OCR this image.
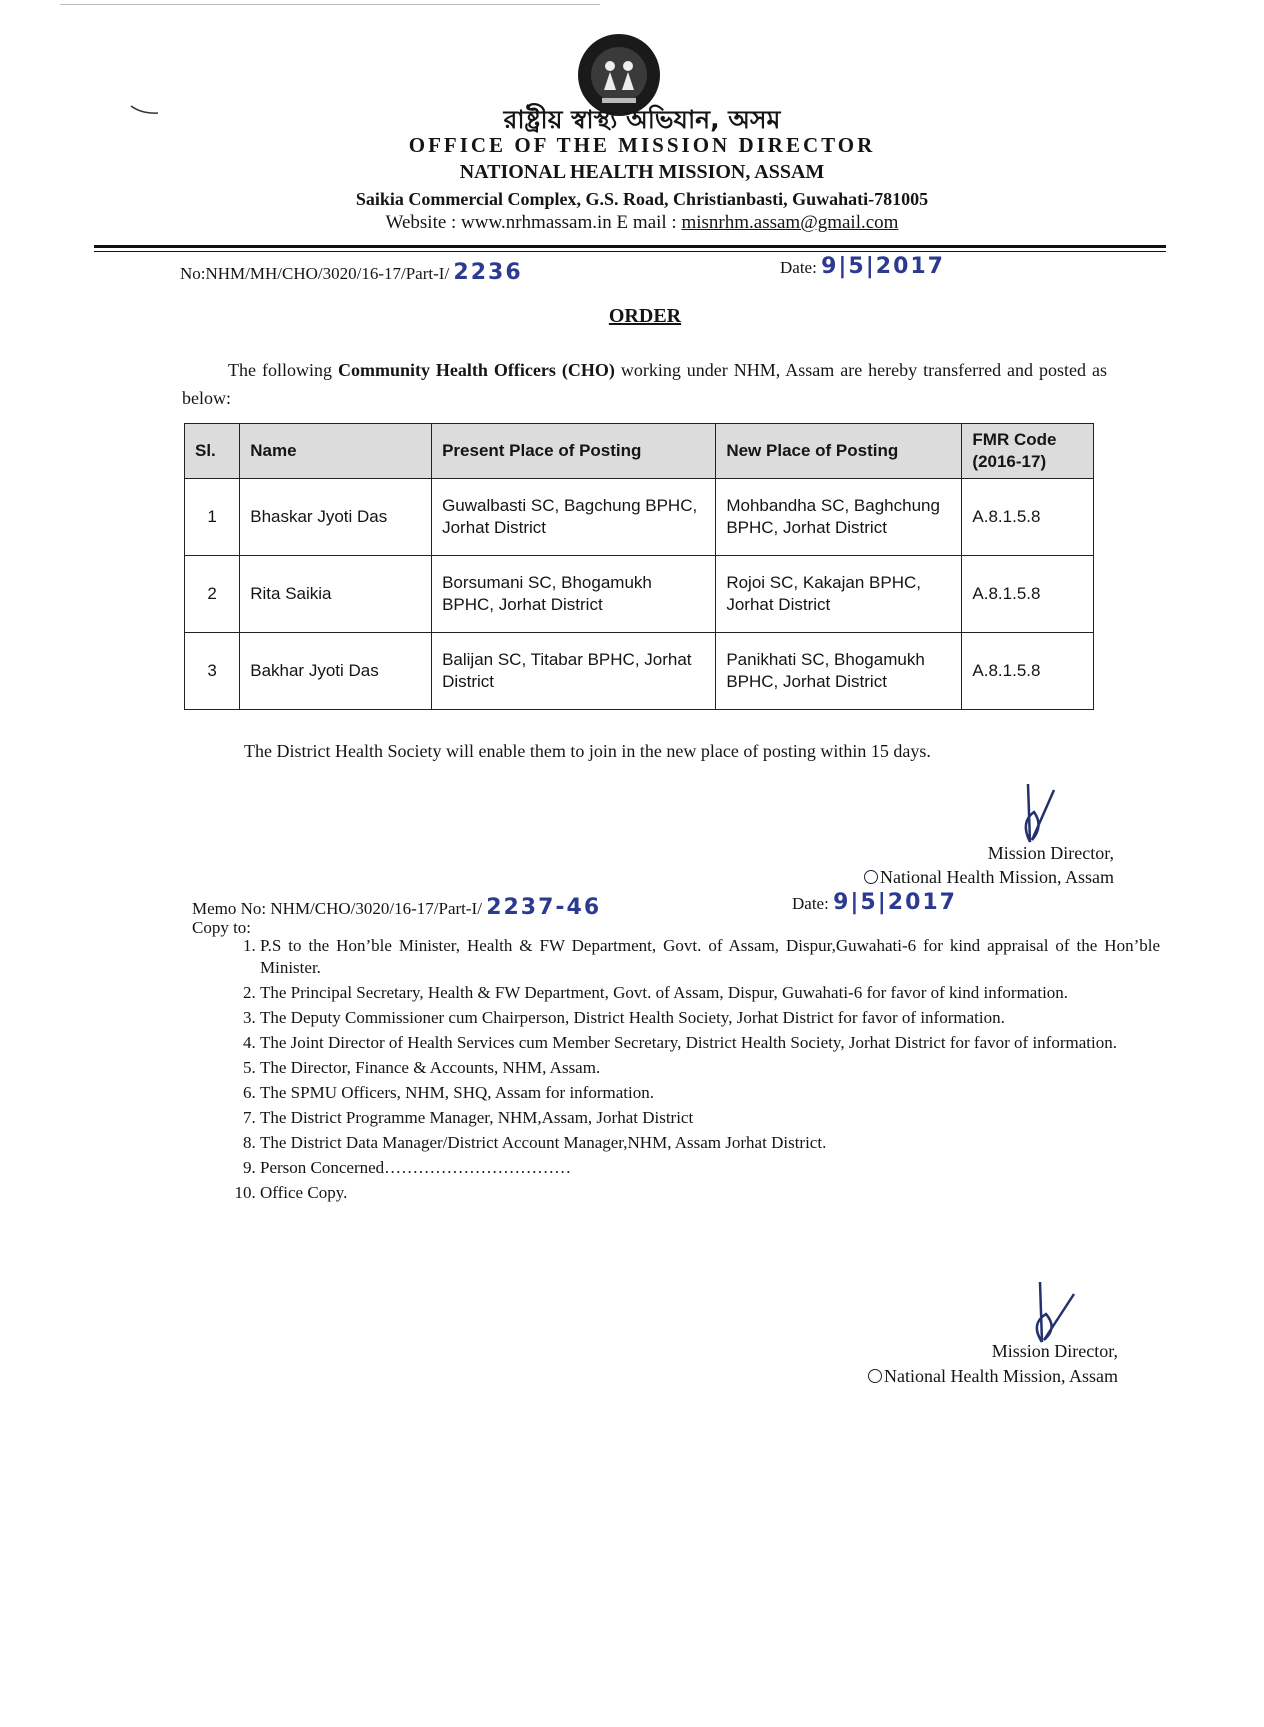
রাষ্ট্রীয় স্বাস্থ্য অভিযান, অসম
OFFICE OF THE MISSION DIRECTOR
NATIONAL HEALTH MISSION, ASSAM
Saikia Commercial Complex, G.S. Road, Christianbasti, Guwahati-781005
Website : www.nrhmassam.in E mail : misnrhm.assam@gmail.com
No:NHM/MH/CHO/3020/16-17/Part-I/ 2236	Date: 9|5|2017
ORDER
The following Community Health Officers (CHO) working under NHM, Assam are hereby transferred and posted as below:
Sl.	Name	Present Place of Posting	New Place of Posting	FMR Code (2016-17)
1	Bhaskar Jyoti Das	Guwalbasti SC, Bagchung BPHC, Jorhat District	Mohbandha SC, Baghchung BPHC, Jorhat District	A.8.1.5.8
2	Rita Saikia	Borsumani SC, Bhogamukh BPHC, Jorhat District	Rojoi SC, Kakajan BPHC, Jorhat District	A.8.1.5.8
3	Bakhar Jyoti Das	Balijan SC, Titabar BPHC, Jorhat District	Panikhati SC, Bhogamukh BPHC, Jorhat District	A.8.1.5.8
The District Health Society will enable them to join in the new place of posting within 15 days.
Mission Director,
National Health Mission, Assam
Memo No: NHM/CHO/3020/16-17/Part-I/ 2237-46	Date: 9|5|2017
Copy to:
1. P.S to the Hon’ble Minister, Health & FW Department, Govt. of Assam, Dispur,Guwahati-6 for kind appraisal of the Hon’ble Minister.
2. The Principal Secretary, Health & FW Department, Govt. of Assam, Dispur, Guwahati-6 for favor of kind information.
3. The Deputy Commissioner cum Chairperson, District Health Society, Jorhat District for favor of information.
4. The Joint Director of Health Services cum Member Secretary, District Health Society, Jorhat District for favor of information.
5. The Director, Finance & Accounts, NHM, Assam.
6. The SPMU Officers, NHM, SHQ, Assam for information.
7. The District Programme Manager, NHM,Assam, Jorhat District
8. The District Data Manager/District Account Manager,NHM, Assam Jorhat District.
9. Person Concerned……………………………
10. Office Copy.
Mission Director,
National Health Mission, Assam
